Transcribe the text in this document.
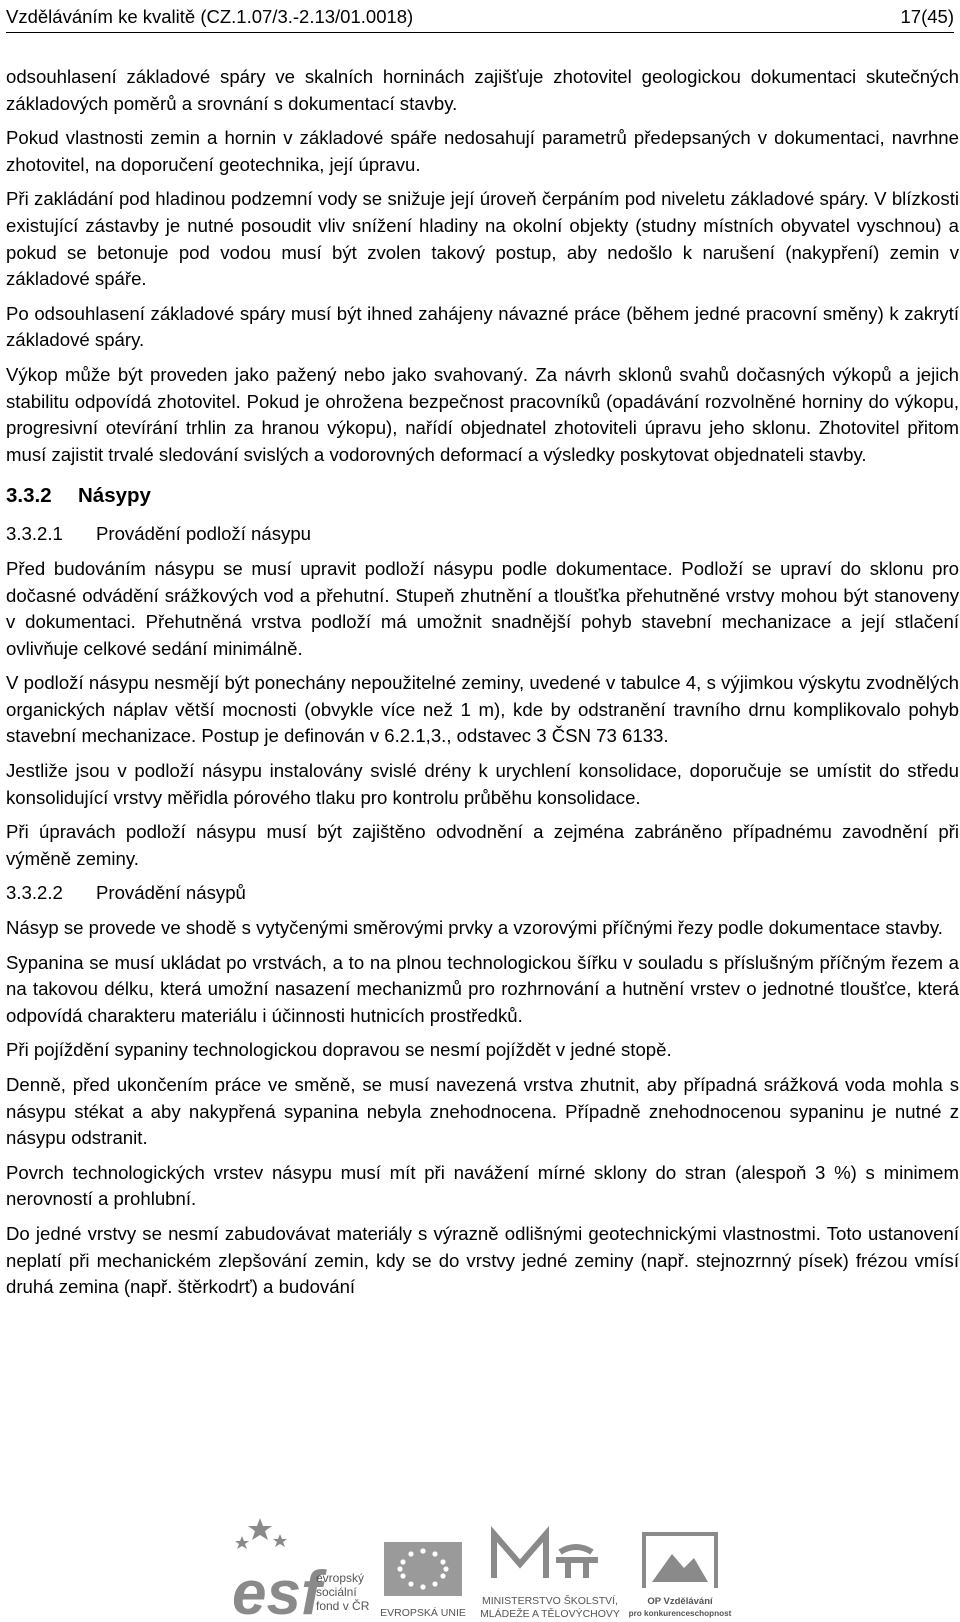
Vzděláváním ke kvalitě (CZ.1.07/3.-2.13/01.0018)	17(45)

odsouhlasení základové spáry ve skalních horninách zajišťuje zhotovitel geologickou dokumentaci skutečných základových poměrů a srovnání s dokumentací stavby.

Pokud vlastnosti zemin a hornin v základové spáře nedosahují parametrů předepsaných v dokumentaci, navrhne zhotovitel, na doporučení geotechnika, její úpravu.

Při zakládání pod hladinou podzemní vody se snižuje její úroveň čerpáním pod niveletu základové spáry. V blízkosti existující zástavby je nutné posoudit vliv snížení hladiny na okolní objekty (studny místních obyvatel vyschnou) a pokud se betonuje pod vodou musí být zvolen takový postup, aby nedošlo k narušení (nakypření) zemin v základové spáře.

Po odsouhlasení základové spáry musí být ihned zahájeny návazné práce (během jedné pracovní směny) k zakrytí základové spáry.

Výkop může být proveden jako pažený nebo jako svahovaný. Za návrh sklonů svahů dočasných výkopů a jejich stabilitu odpovídá zhotovitel. Pokud je ohrožena bezpečnost pracovníků (opadávání rozvolněné horniny do výkopu, progresivní otevírání trhlin za hranou výkopu), nařídí objednatel zhotoviteli úpravu jeho sklonu. Zhotovitel přitom musí zajistit trvalé sledování svislých a vodorovných deformací a výsledky poskytovat objednateli stavby.

3.3.2 Násypy
3.3.2.1 Provádění podloží násypu

Před budováním násypu se musí upravit podloží násypu podle dokumentace. Podloží se upraví do sklonu pro dočasné odvádění srážkových vod a přehutní. Stupeň zhutnění a tloušťka přehutněné vrstvy mohou být stanoveny v dokumentaci. Přehutněná vrstva podloží má umožnit snadnější pohyb stavební mechanizace a její stlačení ovlivňuje celkové sedání minimálně.

V podloží násypu nesmějí být ponechány nepoužitelné zeminy, uvedené v tabulce 4, s výjimkou výskytu zvodnělých organických náplav větší mocnosti (obvykle více než 1 m), kde by odstranění travního drnu komplikovalo pohyb stavební mechanizace. Postup je definován v 6.2.1,3., odstavec 3 ČSN 73 6133.

Jestliže jsou v podloží násypu instalovány svislé drény k urychlení konsolidace, doporučuje se umístit do středu konsolidující vrstvy měřidla pórového tlaku pro kontrolu průběhu konsolidace.

Při úpravách podloží násypu musí být zajištěno odvodnění a zejména zabráněno případnému zavodnění při výměně zeminy.

3.3.2.2 Provádění násypů

Násyp se provede ve shodě s vytyčenými směrovými prvky a vzorovými příčnými řezy podle dokumentace stavby.

Sypanina se musí ukládat po vrstvách, a to na plnou technologickou šířku v souladu s příslušným příčným řezem a na takovou délku, která umožní nasazení mechanizmů pro rozhrnování a hutnění vrstev o jednotné tloušťce, která odpovídá charakteru materiálu i účinnosti hutnicích prostředků.

Při pojíždění sypaniny technologickou dopravou se nesmí pojíždět v jedné stopě.

Denně, před ukončením práce ve směně, se musí navezená vrstva zhutnit, aby případná srážková voda mohla s násypu stékat a aby nakypřená sypanina nebyla znehodnocena. Případně znehodnocenou sypaninu je nutné z násypu odstranit.

Povrch technologických vrstev násypu musí mít při navážení mírné sklony do stran (alespoň 3 %) s minimem nerovností a prohlubní.

Do jedné vrstvy se nesmí zabudovávat materiály s výrazně odlišnými geotechnickými vlastnostmi. Toto ustanovení neplatí při mechanickém zlepšování zemin, kdy se do vrstvy jedné zeminy (např. stejnozrnný písek) frézou vmísí druhá zemina (např. štěrkodrť) a budování

esf
evropský
sociální
fond v ČR EVROPSKÁ UNIE
MINISTERSTVO ŠKOLSTVÍ,
MLÁDEŽE A TĚLOVÝCHOVY
OP Vzdělávání
pro konkurenceschopnost
